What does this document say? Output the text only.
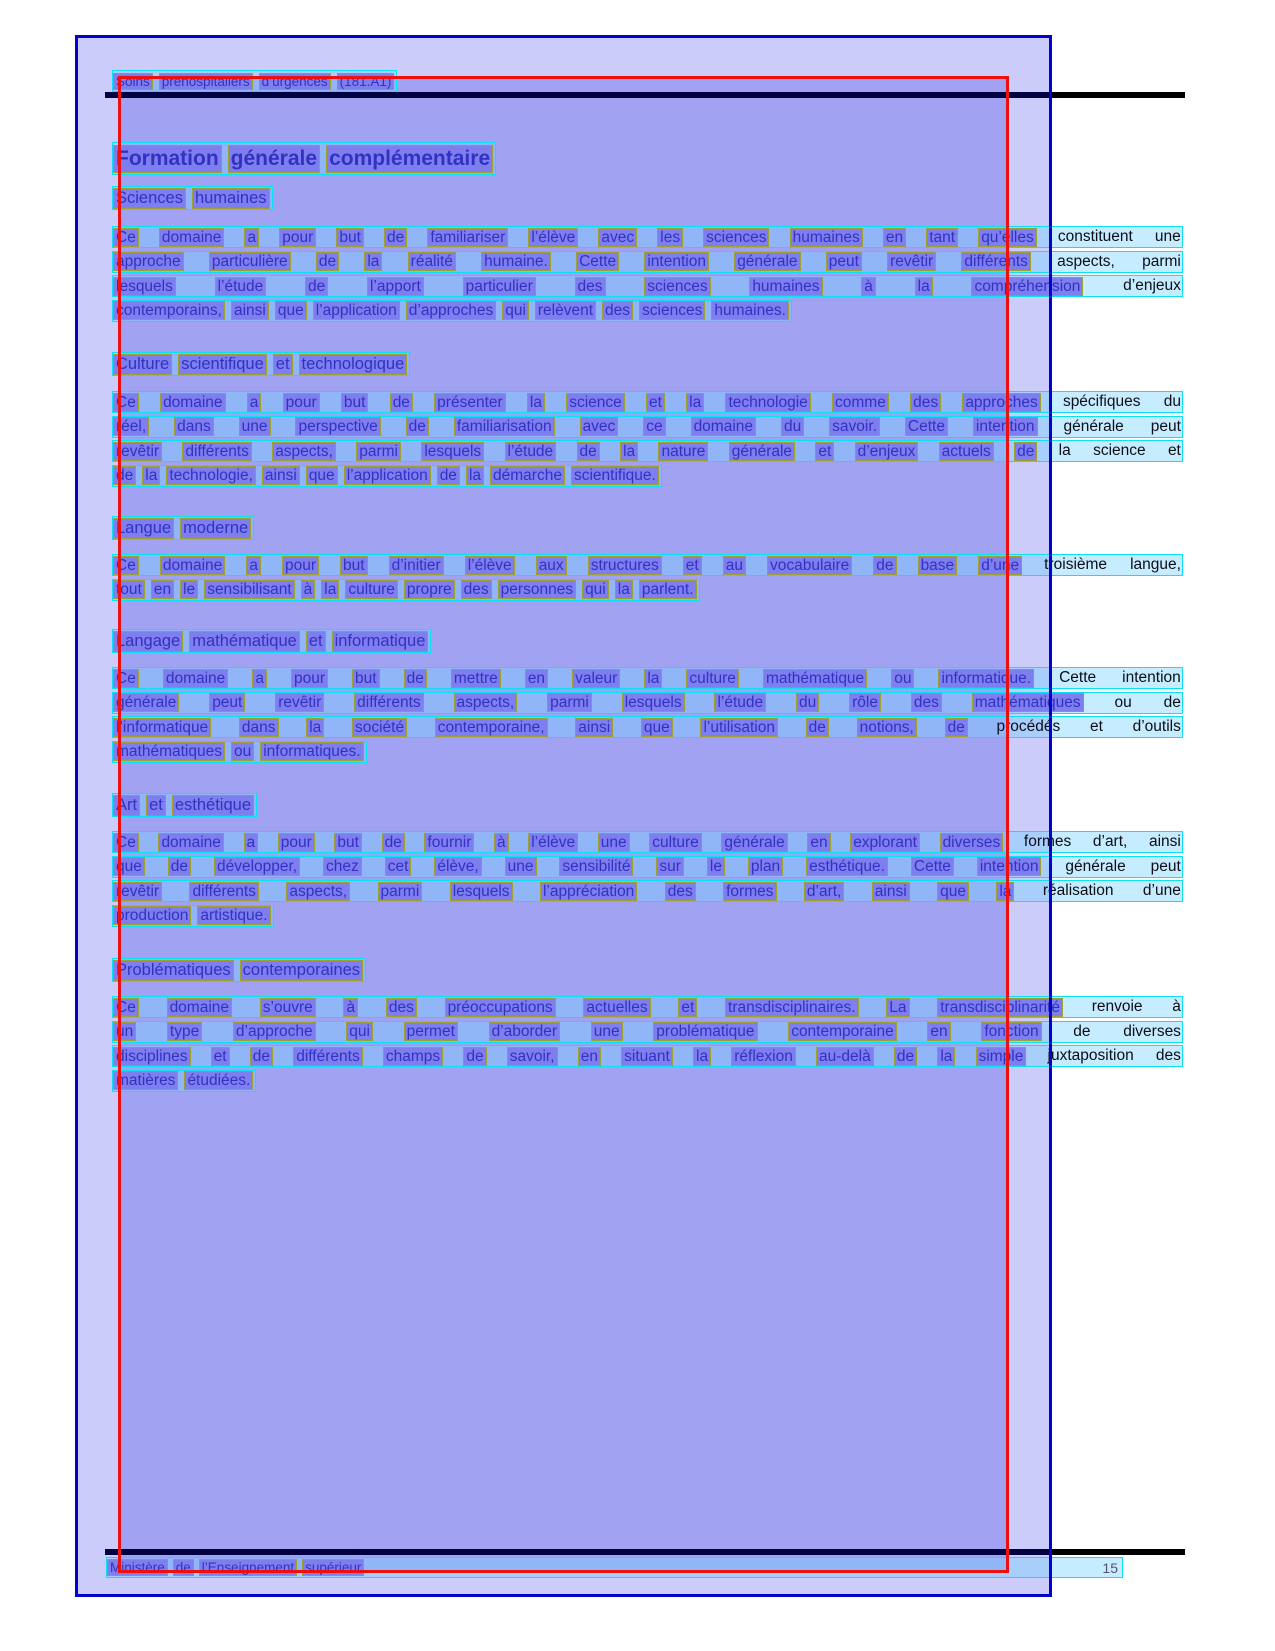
Soins préhospitaliers d’urgences (181.A1)
Formation générale complémentaire
Sciences humaines
Ce domaine a pour but de familiariser l’élève avec les sciences humaines en tant qu’elles constituent une
approche particulière de la réalité humaine. Cette intention générale peut revêtir différents aspects, parmi
lesquels	l’étude	de	l’apport	particulier	des	sciences	humaines	à	la	compréhension	d’enjeux
contemporains, ainsi que l’application d’approches qui relèvent des sciences humaines.
Culture scientifique et technologique
Ce domaine a pour but de présenter la science et la technologie comme des approches spécifiques du
réel, dans une perspective de familiarisation avec ce domaine du savoir. Cette intention générale peut
revêtir différents aspects, parmi lesquels l’étude de la nature générale et d’enjeux actuels de la science et
de la technologie, ainsi que l’application de la démarche scientifique.
Langue moderne
Ce domaine a pour but d’initier l’élève aux structures et au vocabulaire de base d’une troisième langue,
tout en le sensibilisant à la culture propre des personnes qui la parlent.
Langage mathématique et informatique
Ce domaine a pour but de mettre en valeur la culture mathématique ou informatique. Cette intention
générale peut revêtir différents aspects, parmi lesquels l’étude du rôle des mathématiques ou de
l’informatique dans la société contemporaine, ainsi que l’utilisation de notions, de procédés et d’outils
mathématiques ou informatiques.
Art et esthétique
Ce domaine a pour but de fournir à l’élève une culture générale en explorant diverses formes d’art, ainsi
que de développer, chez cet élève, une sensibilité sur le plan esthétique. Cette intention générale peut
revêtir différents aspects, parmi lesquels l’appréciation des formes d’art, ainsi que la réalisation d’une
production artistique.
Problématiques contemporaines
Ce domaine s’ouvre à des préoccupations actuelles et transdisciplinaires. La transdisciplinarité renvoie à
un type d’approche qui permet d’aborder une problématique contemporaine en fonction de diverses
disciplines et de différents champs de savoir, en situant la réflexion au-delà de la simple juxtaposition des
matières étudiées.
Ministère de l’Enseignement supérieur	15
